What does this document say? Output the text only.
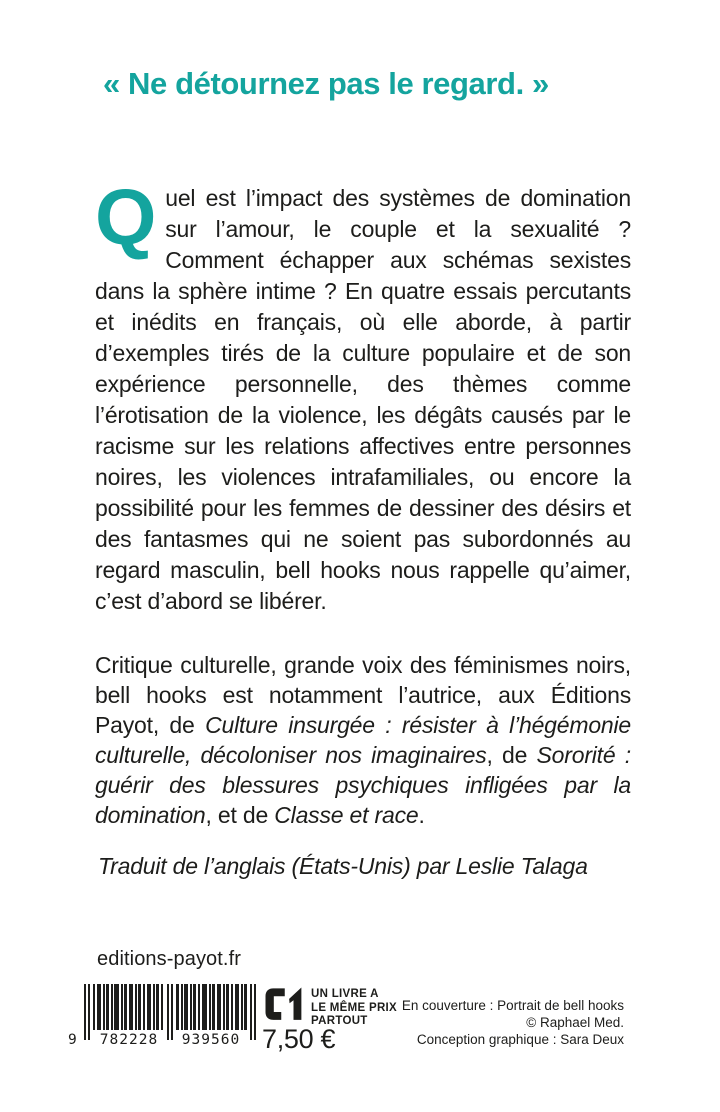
« Ne détournez pas le regard. »

Quel est l’impact des systèmes de domination sur l’amour, le couple et la sexualité ? Comment échapper aux schémas sexistes dans la sphère intime ? En quatre essais percutants et inédits en français, où elle aborde, à partir d’exemples tirés de la culture populaire et de son expérience personnelle, des thèmes comme l’érotisation de la violence, les dégâts causés par le racisme sur les relations affectives entre personnes noires, les violences intrafamiliales, ou encore la possibilité pour les femmes de dessiner des désirs et des fantasmes qui ne soient pas subordonnés au regard masculin, bell hooks nous rappelle qu’aimer, c’est d’abord se libérer.

Critique culturelle, grande voix des féminismes noirs, bell hooks est notamment l’autrice, aux Éditions Payot, de Culture insurgée : résister à l’hégémonie culturelle, décoloniser nos imaginaires, de Sororité : guérir des blessures psychiques infligées par la domination, et de Classe et race.

Traduit de l’anglais (États-Unis) par Leslie Talaga
editions-payot.fr
9	782228	939560
UN LIVRE A
LE MÊME PRIX
PARTOUT
7,50 €
En couverture : Portrait de bell hooks
© Raphael Med.
Conception graphique : Sara Deux
